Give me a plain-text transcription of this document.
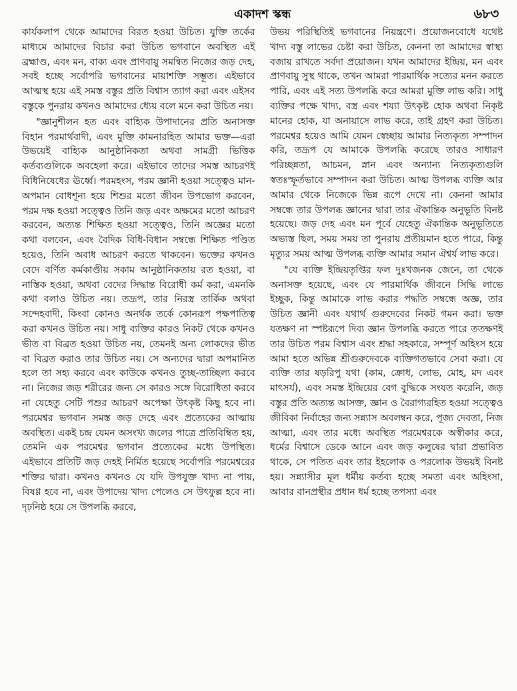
একাদশ স্কন্ধ	৬৮৩

কার্যকলাপ থেকে আমাদের বিরত হওয়া উচিত। যুক্তি তর্কের মাধ্যমে আমাদের বিচার করা উচিত ভগবানে অবস্থিত এই ব্রহ্মাণ্ড, এবং মন, বাক্য এবং প্রাণবায়ু সমন্বিত নিজের জড় দেহ, সবই হচ্ছে সর্বোপরি ভগবানের মায়াশক্তি সম্ভূত। এইভাবে আত্মস্থ হয়ে এই সমস্ত বস্তুর প্রতি বিশ্বাস ত্যাগ করা এবং এইসব বস্তুকে পুনরায় কখনও আমাদের ধ্যেয় বলে মনে করা উচিত নয়।

"জ্ঞানুশীলন হত এবং বাহ্যিক উপাদানের প্রতি অনাসক্ত বিহান পরমার্থবাদী, এবং মুক্তি কামনারহিত আমার ভক্ত—এরা উভয়েই বাহ্যিক আনুষ্ঠানিকতা অথবা সামগ্রী ভিত্তিক কর্তব্যগুলিকে অবহেলা করে। এইভাবে তাদের সমস্ত আচরণই বিধিনিষেধের ঊর্ধ্বে। পরমহংস, পরম জ্ঞানী হওয়া সত্ত্বেও মান-অপমান বোধশূন্য হয়ে শিশুর মতো জীবন উপভোগ করবেন, পরম দক্ষ হওয়া সত্ত্বেও তিনি জড় এবং অক্ষমের মতো আচরণ করবেন, অত্যন্ত শিক্ষিত হওয়া সত্ত্বেও, তিনি অজ্ঞের মতো কথা বলবেন, এবং বৈদিক বিধি-বিধান সম্বন্ধে শিক্ষিত পণ্ডিত হয়েও, তিনি অবাধ আচরণ করতে থাকবেন। ভক্তের কখনও বেদে বর্ণিত কর্মকাণ্ডীয় সকাম আনুষ্ঠানিকতায় রত হওয়া, বা নাস্তিক হওয়া, অথবা বেদের সিদ্ধান্ত বিরোধী কর্ম করা, এমনকি কথা বলাও উচিত নয়। তদ্রূপ, তার নিরস্ত্র তার্কিক অথবা সন্দেহবাদী, কিংবা কোনও অনর্থক তর্কে কোনরূপ পক্ষপাতিত্ব করা কখনও উচিত নয়। সাধু ব্যক্তির কারও নিকট থেকে কখনও ভীত বা বিব্রত হওয়া উচিত নয়, তেমনই অন্য লোকদের ভীত বা বিব্রত করাও তার উচিত নয়। সে অন্যদের দ্বারা অপমানিত হলে তা সহ্য করবে এবং কাউকে কখনও তুচ্ছ-তাচ্ছিল্য করবে না। নিজের জড় শরীরের জন্য সে কারও সঙ্গে বিরোধিতা করবে না যেহেতু সেটি পশুর আচরণ অপেক্ষা উৎকৃষ্ট কিছু হবে না। পরমেশ্বর ভগবান সমস্ত জড় দেহে এবং প্রত্যেকের আত্মায় অবস্থিত। একই চন্দ্র যেমন অসংখ্য জলের পাত্রে প্রতিবিম্বিত হয়, তেমনি এক পরমেশ্বর ভগবান প্রত্যেকের মধ্যে উপস্থিত। এইভাবে প্রতিটি জড় দেহই নির্মিত হয়েছে সর্বোপরি পরমেশ্বরের শক্তির দ্বারা। কখনও কখনও যে যদি উপযুক্ত খাদ্য না পায়, বিষণ্ণ হবে না, এবং উপাদেয় খাদ্য পেলেও সে উৎফুল্ল হবে না। দৃঢ়নিষ্ঠ হয়ে সে উপলব্ধি করবে,

উভয় পরিস্থিতিই ভগবানের নিয়ন্ত্রণে। প্রয়োজনবোধে যথেষ্ট খাদ্য বস্তু লাভের চেষ্টা করা উচিত, কেননা তা আমাদের স্বাস্থ্য বজায় রাখতে সর্বদা প্রয়োজন। যখন আমাদের ইন্দ্রিয়, মন এবং প্রাণবায়ু সুস্থ থাকে, তখন আমরা পারমার্থিক সত্যের মনন করতে পারি, এবং এই সত্য উপলব্ধি করে আমরা মুক্তি লাভ করি। সাধু ব্যক্তির পক্ষে খাদ্য, বস্ত্র এবং শয্যা উৎকৃষ্ট হোক অথবা নিকৃষ্ট মানের হোক, যা অনায়াসে লাভ করে, তাই গ্রহণ করা উচিত। পরমেশ্বর হয়েও আমি যেমন স্বেচ্ছায় আমার নিত্যকৃত্য সম্পাদন করি, তদ্রূপ যে আমাকে উপলব্ধি করেছে তারও সাধারণ পরিচ্ছন্নতা, আচমন, স্নান এবং অন্যান্য নিত্যকৃত্যগুলি স্বতঃস্ফূর্তভাবে সম্পাদন করা উচিত। আত্ম উপলব্ধ ব্যক্তি আর আমার থেকে নিজেকে ভিন্ন রূপে দেখে না। কেননা আমার সম্বন্ধে তার উপলব্ধ জ্ঞানের দ্বারা তার ঐকান্তিক অনুভূতি বিনষ্ট হয়েছে। জড় দেহ এবং মন পূর্বে যেহেতু ঐকান্তিক অনুভূতিতে অভ্যস্ত ছিল, সময় সময় তা পুনরায় প্রতীয়মান হতে পারে, কিন্তু মৃত্যুর সময় আত্ম উপলব্ধ ব্যক্তি আমার সমান ঐশ্বর্য লাভ করে।

"যে ব্যক্তি ইন্দ্রিয়তৃপ্তির ফল দুঃখজনক জেনে, তা থেকে অনাসক্ত হয়েছে, এবং যে পারমার্থিক জীবনে সিদ্ধি লাভে ইচ্ছুক, কিন্তু আমাকে লাভ করার পদ্ধতি সম্বন্ধে অজ্ঞ, তার উচিত জ্ঞানী এবং যথার্থ গুরুদেবের নিকট গমন করা। ভক্ত যতক্ষণ না স্পষ্টরূপে দিব্য জ্ঞান উপলব্ধি করতে পারে ততক্ষণই তার উচিত পরম বিশ্বাস এবং শ্রদ্ধা সহকারে, সম্পূর্ণ অহিংস হয়ে আমা হতে অভিন্ন শ্রীগুরুদেবকে ব্যক্তিগতভাবে সেবা করা। যে ব্যক্তি তার ষড়রিপু যথা (কাম, ক্রোধ, লোভ, মোহ, মদ এবং মাৎসর্য), এবং সমস্ত ইন্দ্রিয়ের বেগ বুদ্ধিকে সংযত করেনি, জড় বস্তুর প্রতি অত্যন্ত আসক্ত, জ্ঞান ও বৈরাগ্যরহিত হওয়া সত্ত্বেও জীবিকা নির্বাহের জন্য সন্ন্যাস অবলম্বন করে, পূজ্য দেবতা, নিজ আত্মা, এবং তার মধ্যে অবস্থিত পরমেশ্বরকে অস্বীকার করে, ধর্মের বিশ্বাসে ডেকে আনে এবং জড় কলুষের দ্বারা প্রভাবিত থাকে, সে পতিত এবং তার ইহলোক ও পরলোক উভয়ই বিনষ্ট হয়। সন্ন্যাসীর মূল ধর্মীয় কর্তব্য হচ্ছে সমতা এবং অহিংসা, আবার বানপ্রস্থীর প্রধান ধর্ম হচ্ছে তপস্যা এবং
